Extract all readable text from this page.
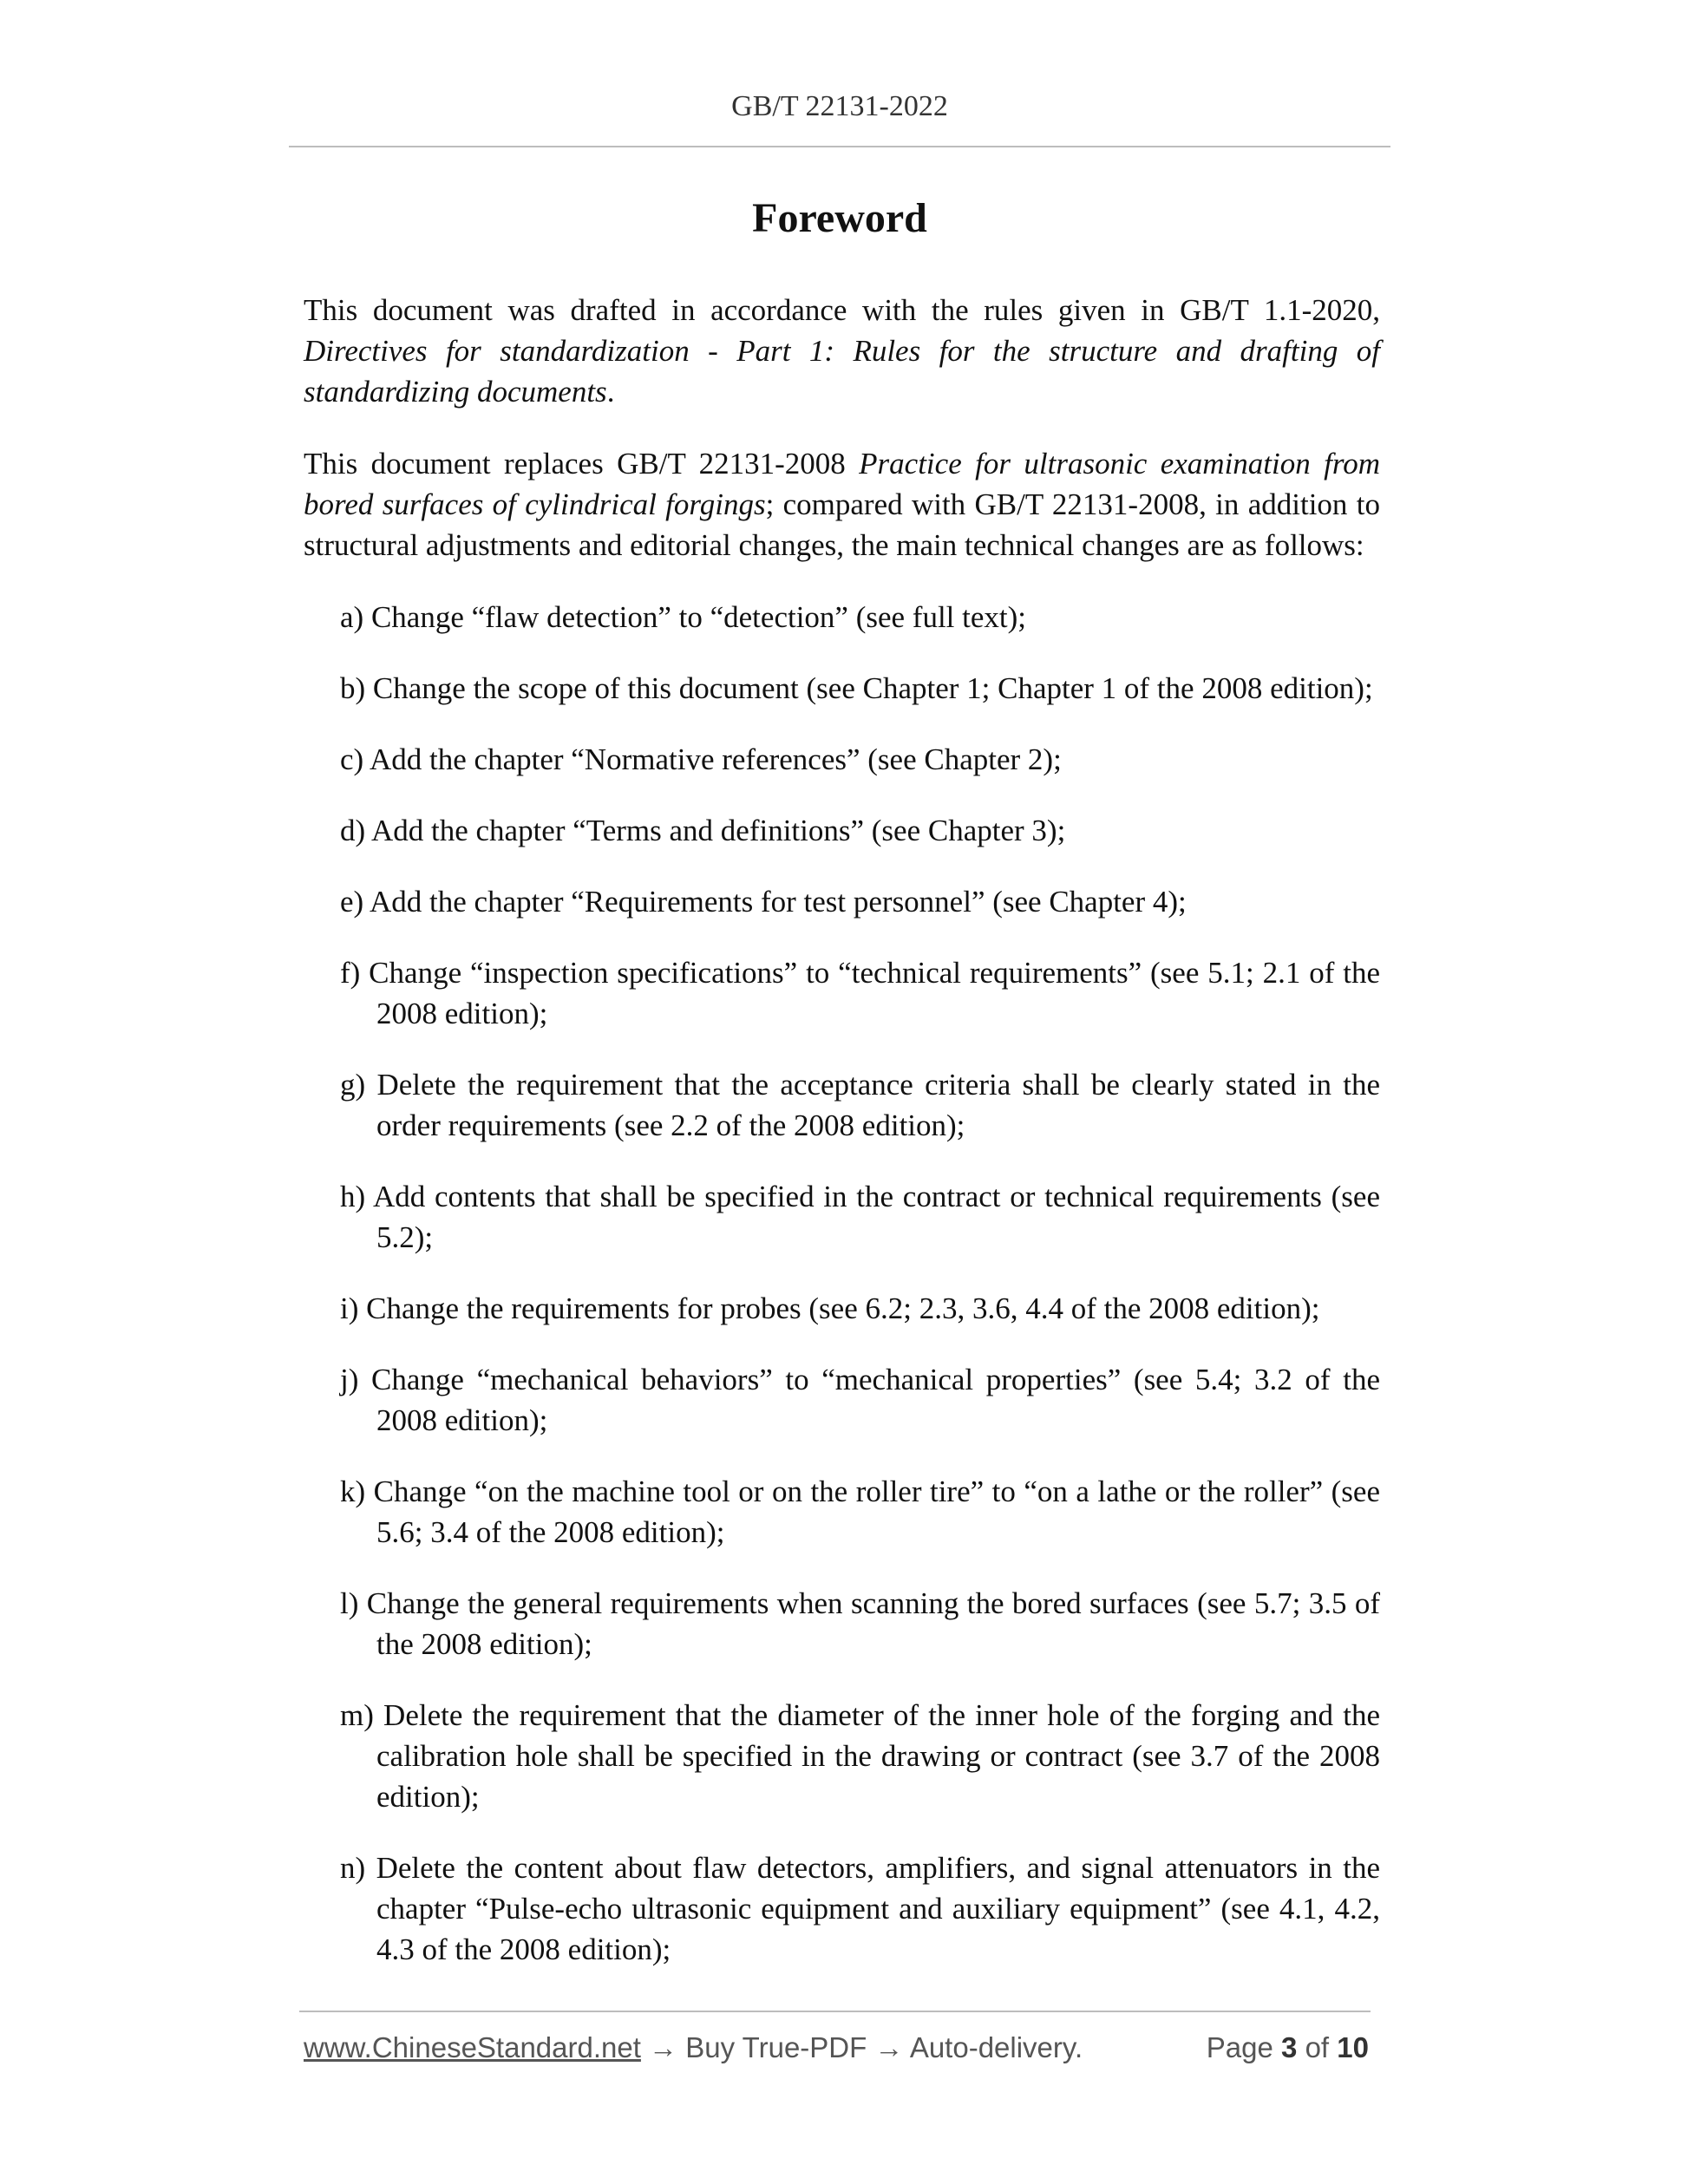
GB/T 22131-2022
Foreword

This document was drafted in accordance with the rules given in GB/T 1.1-2020, Directives for standardization - Part 1: Rules for the structure and drafting of standardizing documents.

This document replaces GB/T 22131-2008 Practice for ultrasonic examination from bored surfaces of cylindrical forgings; compared with GB/T 22131-2008, in addition to structural adjustments and editorial changes, the main technical changes are as follows:

a) Change “flaw detection” to “detection” (see full text);
b) Change the scope of this document (see Chapter 1; Chapter 1 of the 2008 edition);
c) Add the chapter “Normative references” (see Chapter 2);
d) Add the chapter “Terms and definitions” (see Chapter 3);
e) Add the chapter “Requirements for test personnel” (see Chapter 4);
f) Change “inspection specifications” to “technical requirements” (see 5.1; 2.1 of the 2008 edition);
g) Delete the requirement that the acceptance criteria shall be clearly stated in the order requirements (see 2.2 of the 2008 edition);
h) Add contents that shall be specified in the contract or technical requirements (see 5.2);
i) Change the requirements for probes (see 6.2; 2.3, 3.6, 4.4 of the 2008 edition);
j) Change “mechanical behaviors” to “mechanical properties” (see 5.4; 3.2 of the 2008 edition);
k) Change “on the machine tool or on the roller tire” to “on a lathe or the roller” (see 5.6; 3.4 of the 2008 edition);
l) Change the general requirements when scanning the bored surfaces (see 5.7; 3.5 of the 2008 edition);
m) Delete the requirement that the diameter of the inner hole of the forging and the calibration hole shall be specified in the drawing or contract (see 3.7 of the 2008 edition);
n) Delete the content about flaw detectors, amplifiers, and signal attenuators in the chapter “Pulse-echo ultrasonic equipment and auxiliary equipment” (see 4.1, 4.2, 4.3 of the 2008 edition);
www.ChineseStandard.net → Buy True-PDF → Auto-delivery.	Page 3 of 10
